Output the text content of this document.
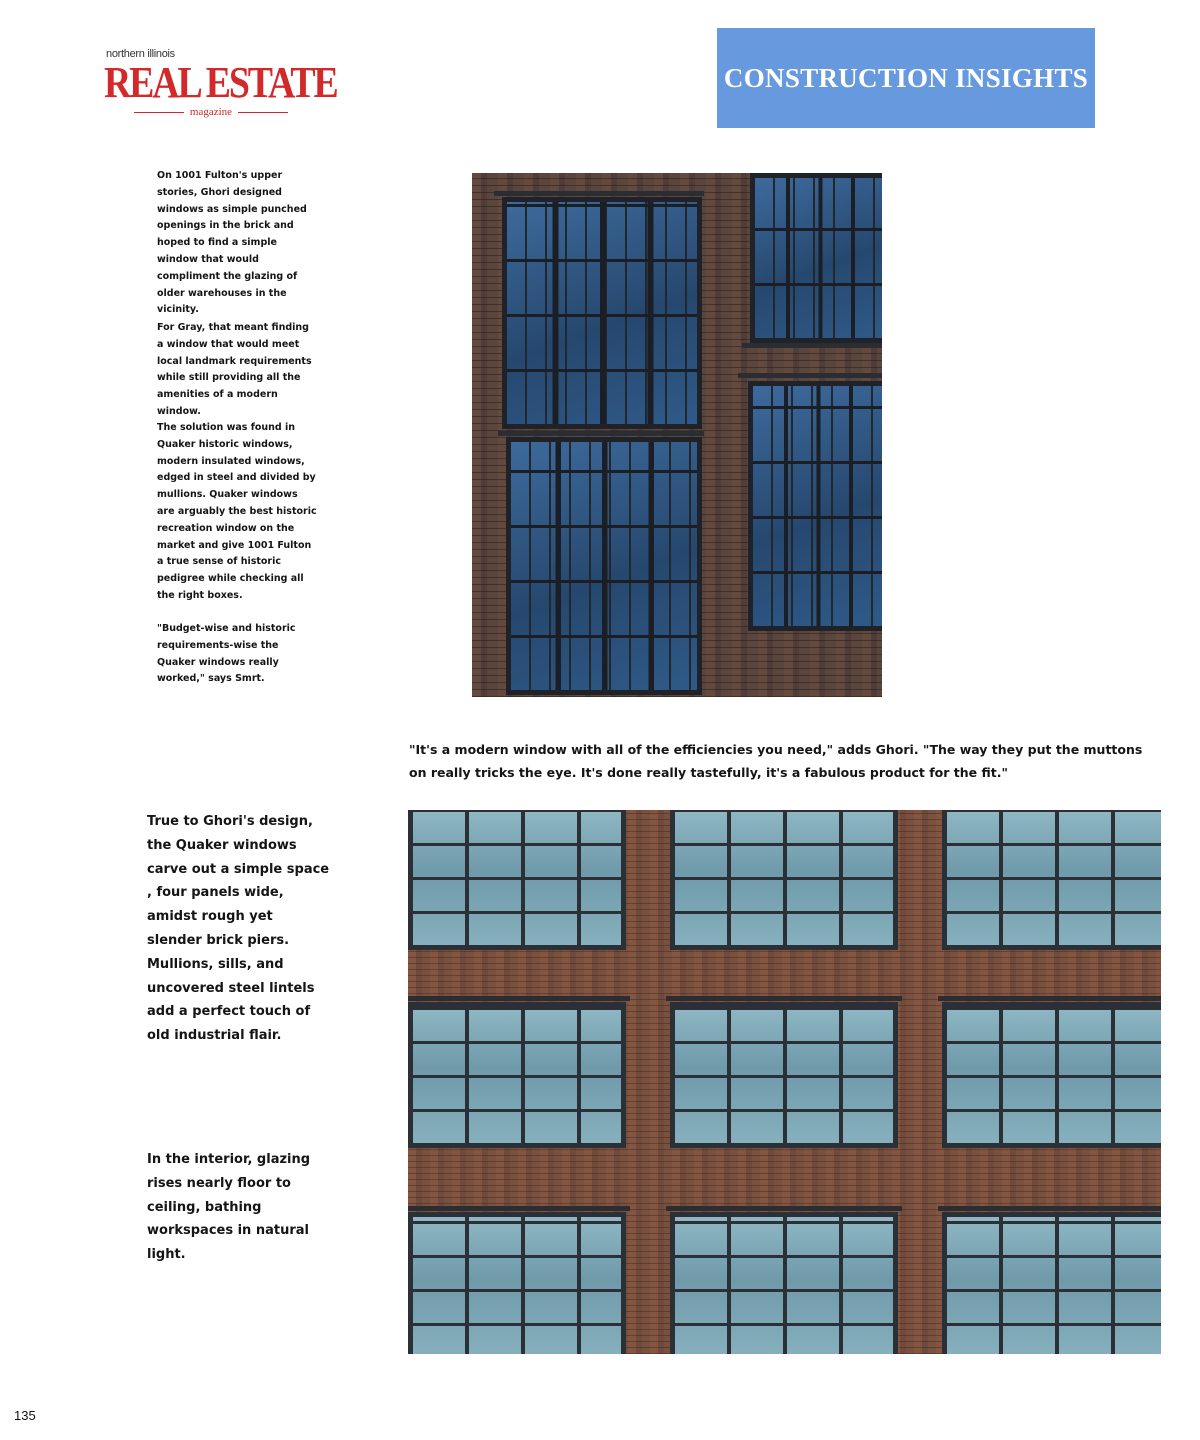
northern illinois
REAL ESTATE
magazine
CONSTRUCTION INSIGHTS

On 1001 Fulton's upper stories, Ghori designed windows as simple punched openings in the brick and hoped to find a simple window that would compliment the glazing of older warehouses in the vicinity.

For Gray, that meant finding a window that would meet local landmark requirements while still providing all the amenities of a modern window.

The solution was found in Quaker historic windows, modern insulated windows, edged in steel and divided by mullions. Quaker windows are arguably the best historic recreation window on the market and give 1001 Fulton a true sense of historic pedigree while checking all the right boxes.

"Budget-wise and historic requirements-wise the Quaker windows really worked," says Smrt.

"It's a modern window with all of the efficiencies you need," adds Ghori. "The way they put the muttons on really tricks the eye. It's done really tastefully, it's a fabulous product for the fit."

True to Ghori's design, the Quaker windows carve out a simple space , four panels wide, amidst rough yet slender brick piers. Mullions, sills, and uncovered steel lintels add a perfect touch of old industrial flair.

In the interior, glazing rises nearly floor to ceiling, bathing workspaces in natural light.

135
